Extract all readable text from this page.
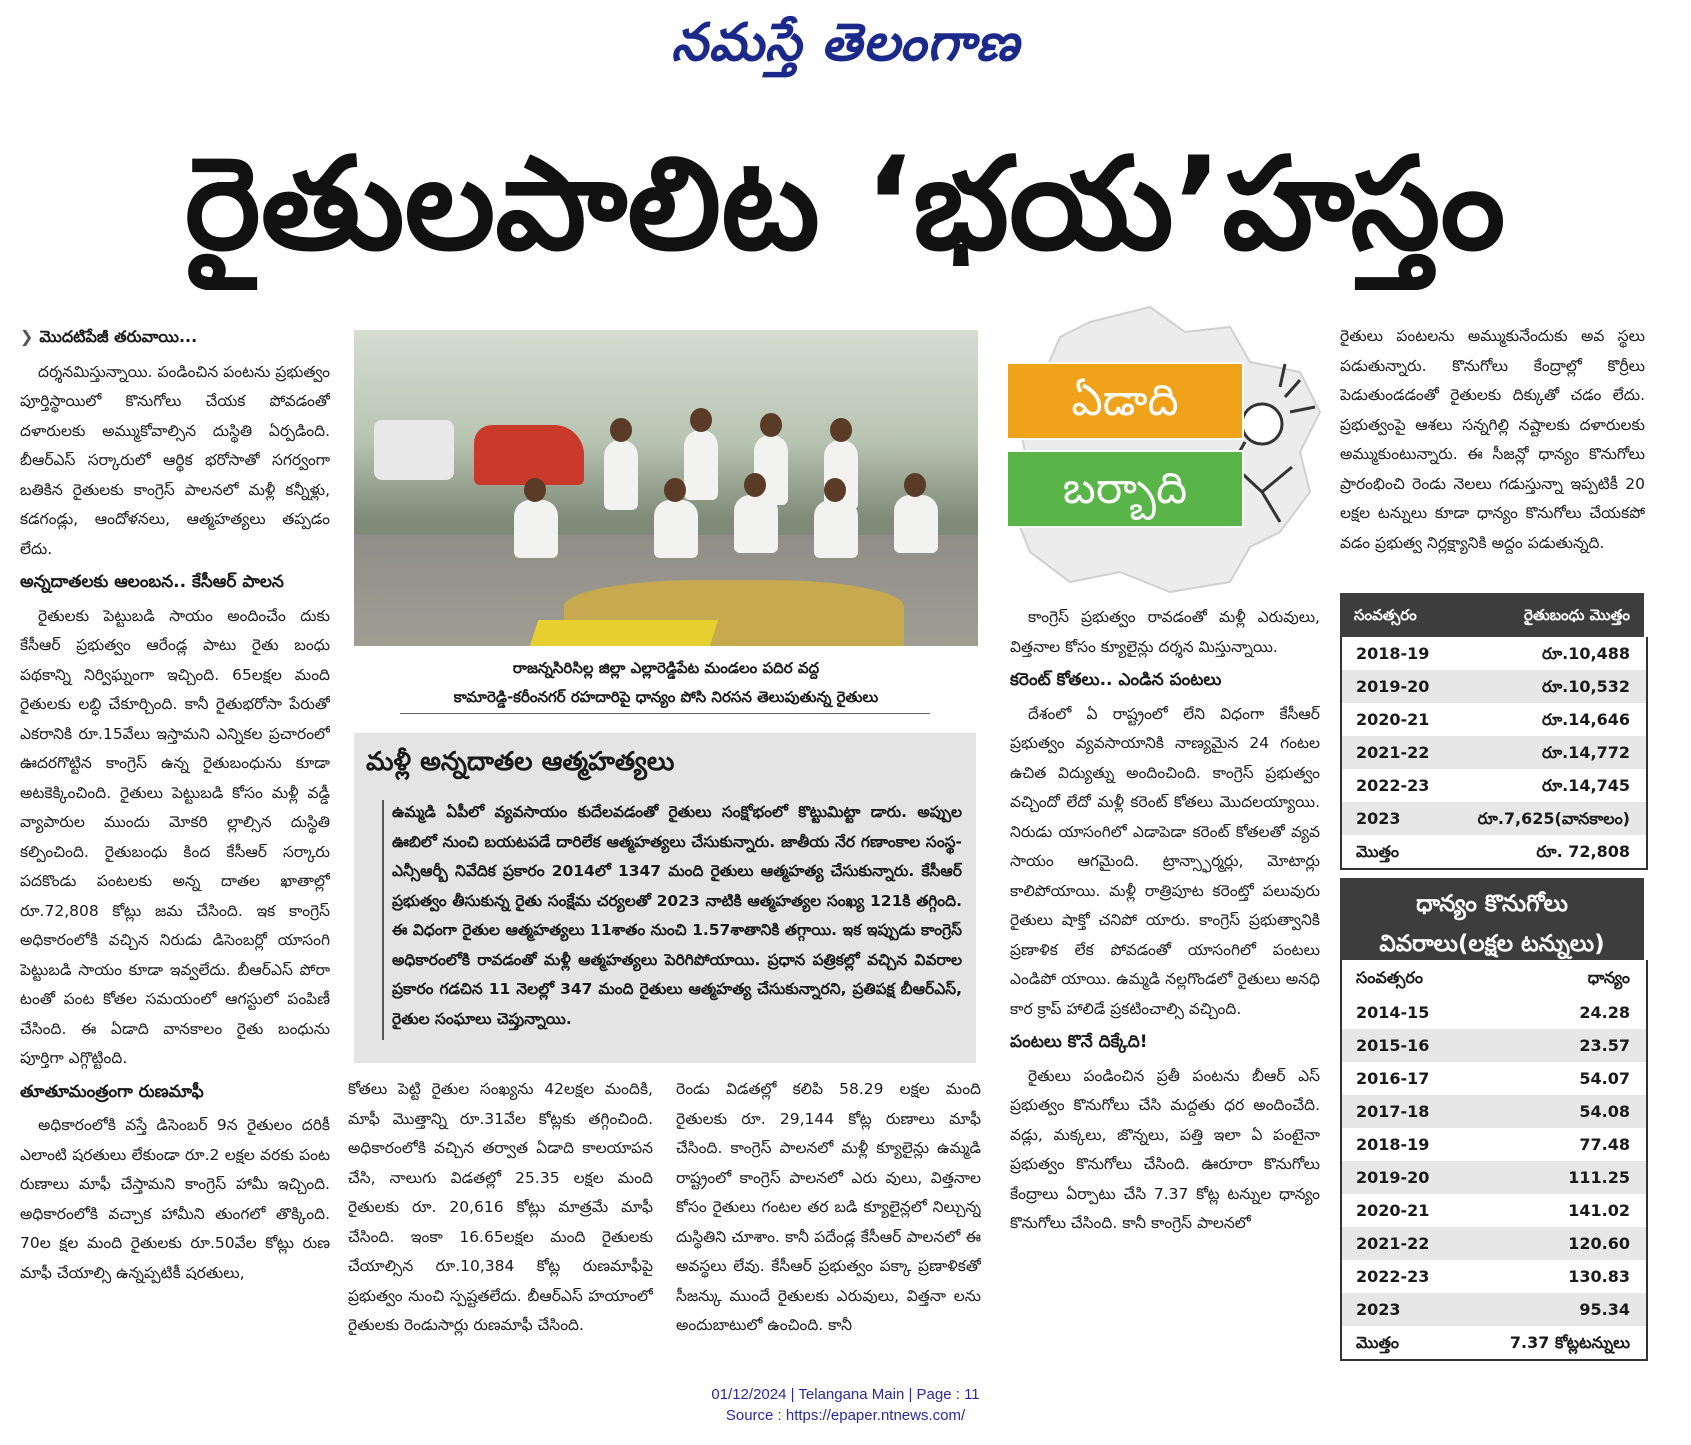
నమస్తే తెలంగాణ
రైతులపాలిట ‘భయ’హస్తం
❯ మొదటిపేజీ తరువాయి...

దర్శనమిస్తున్నాయి. పండించిన పంటను ప్రభుత్వం పూర్తిస్థాయిలో కొనుగోలు చేయక పోవడంతో దళారులకు అమ్ముకోవాల్సిన దుస్థితి ఏర్పడింది. బీఆర్ఎస్ సర్కారులో ఆర్థిక భరోసాతో సగర్వంగా బతికిన రైతులకు కాంగ్రెస్ పాలనలో మళ్లీ కన్నీళ్లు, కడగండ్లు, ఆందోళనలు, ఆత్మహత్యలు తప్పడం లేదు.

అన్నదాతలకు ఆలంబన.. కేసీఆర్ పాలన

రైతులకు పెట్టుబడి సాయం అందించేం దుకు కేసీఆర్ ప్రభుత్వం ఆరేండ్ల పాటు రైతు బంధు పథకాన్ని నిర్విఘ్నంగా ఇచ్చింది. 65లక్షల మంది రైతులకు లబ్ధి చేకూర్చింది. కానీ రైతుభరోసా పేరుతో ఎకరానికి రూ.15వేలు ఇస్తామని ఎన్నికల ప్రచారంలో ఊదరగొట్టిన కాంగ్రెస్ ఉన్న రైతుబంధును కూడా అటకెక్కించింది. రైతులు పెట్టుబడి కోసం మళ్లీ వడ్డీ వ్యాపారుల ముందు మోకరి ల్లాల్సిన దుస్థితి కల్పించింది. రైతుబంధు కింద కేసీఆర్ సర్కారు పదకొండు పంటలకు అన్న దాతల ఖాతాల్లో రూ.72,808 కోట్లు జమ చేసింది. ఇక కాంగ్రెస్ అధికారంలోకి వచ్చిన నిరుడు డిసెంబర్లో యాసంగి పెట్టుబడి సాయం కూడా ఇవ్వలేదు. బీఆర్ఎస్ పోరా టంతో పంట కోతల సమయంలో ఆగస్టులో పంపిణీ చేసింది. ఈ ఏడాది వానకాలం రైతు బంధును పూర్తిగా ఎగ్గొట్టింది.

తూతూమంత్రంగా రుణమాఫీ

అధికారంలోకి వస్తే డిసెంబర్ 9న రైతులం దరికీ ఎలాంటి షరతులు లేకుండా రూ.2 లక్షల వరకు పంట రుణాలు మాఫీ చేస్తామని కాంగ్రెస్ హామీ ఇచ్చింది. అధికారంలోకి వచ్చాక హామీని తుంగలో తొక్కింది. 70ల క్షల మంది రైతులకు రూ.50వేల కోట్లు రుణ మాఫీ చేయాల్సి ఉన్నప్పటికీ షరతులు,

రాజన్నసిరిసిల్ల జిల్లా ఎల్లారెడ్డిపేట మండలం పదిర వద్ద
కామారెడ్డి-కరీంనగర్ రహదారిపై ధాన్యం పోసి నిరసన తెలుపుతున్న రైతులు
మళ్లీ అన్నదాతల ఆత్మహత్యలు
ఉమ్మడి ఏపీలో వ్యవసాయం కుదేలవడంతో రైతులు సంక్షోభంలో కొట్టుమిట్టా డారు. అప్పుల ఊబిలో నుంచి బయటపడే దారిలేక ఆత్మహత్యలు చేసుకున్నారు. జాతీయ నేర గణాంకాల సంస్థ-ఎన్సీఆర్బీ నివేదిక ప్రకారం 2014లో 1347 మంది రైతులు ఆత్మహత్య చేసుకున్నారు. కేసీఆర్ ప్రభుత్వం తీసుకున్న రైతు సంక్షేమ చర్యలతో 2023 నాటికి ఆత్మహత్యల సంఖ్య 121కి తగ్గింది. ఈ విధంగా రైతుల ఆత్మహత్యలు 11శాతం నుంచి 1.57శాతానికి తగ్గాయి. ఇక ఇప్పుడు కాంగ్రెస్ అధికారంలోకి రావడంతో మళ్లీ ఆత్మహత్యలు పెరిగిపోయాయి. ప్రధాన పత్రికల్లో వచ్చిన వివరాల ప్రకారం గడచిన 11 నెలల్లో 347 మంది రైతులు ఆత్మహత్య చేసుకున్నారని, ప్రతిపక్ష బీఆర్ఎస్, రైతుల సంఘాలు చెప్తున్నాయి.

కోతలు పెట్టి రైతుల సంఖ్యను 42లక్షల మందికి, మాఫీ మొత్తాన్ని రూ.31వేల కోట్లకు తగ్గించింది. అధికారంలోకి వచ్చిన తర్వాత ఏడాది కాలయాపన చేసి, నాలుగు విడతల్లో 25.35 లక్షల మంది రైతులకు రూ. 20,616 కోట్లు మాత్రమే మాఫీ చేసింది. ఇంకా 16.65లక్షల మంది రైతులకు చేయాల్సిన రూ.10,384 కోట్ల రుణమాఫీపై ప్రభుత్వం నుంచి స్పష్టతలేదు. బీఆర్ఎస్ హయాంలో రైతులకు రెండుసార్లు రుణమాఫీ చేసింది.

రెండు విడతల్లో కలిపి 58.29 లక్షల మంది రైతులకు రూ. 29,144 కోట్ల రుణాలు మాఫీ చేసింది. కాంగ్రెస్ పాలనలో మళ్లీ క్యూలైన్లు ఉమ్మడి రాష్ట్రంలో కాంగ్రెస్ పాలనలో ఎరు వులు, విత్తనాల కోసం రైతులు గంటల తర బడి క్యూలైన్లలో నిల్చున్న దుస్థితిని చూశాం. కానీ పదేండ్ల కేసీఆర్ పాలనలో ఈ అవస్థలు లేవు. కేసీఆర్ ప్రభుత్వం పక్కా ప్రణాళికతో సీజన్కు ముందే రైతులకు ఎరువులు, విత్తనా లను అందుబాటులో ఉంచింది. కానీ

ఏడాది
బర్బాది

కాంగ్రెస్ ప్రభుత్వం రావడంతో మళ్లీ ఎరువులు, విత్తనాల కోసం క్యూలైన్లు దర్శన మిస్తున్నాయి.

కరెంట్ కోతలు.. ఎండిన పంటలు

దేశంలో ఏ రాష్ట్రంలో లేని విధంగా కేసీఆర్ ప్రభుత్వం వ్యవసాయానికి నాణ్యమైన 24 గంటల ఉచిత విద్యుత్ను అందించింది. కాంగ్రెస్ ప్రభుత్వం వచ్చిందో లేదో మళ్లీ కరెంట్ కోతలు మొదలయ్యాయి. నిరుడు యాసంగిలో ఎడాపెడా కరెంట్ కోతలతో వ్యవ సాయం ఆగమైంది. ట్రాన్స్ఫార్మర్లు, మోటార్లు కాలిపోయాయి. మళ్లీ రాత్రిపూట కరెంట్తో పలువురు రైతులు షాక్తో చనిపో యారు. కాంగ్రెస్ ప్రభుత్వానికి ప్రణాళిక లేక పోవడంతో యాసంగిలో పంటలు ఎండిపో యాయి. ఉమ్మడి నల్లగొండలో రైతులు అనధి కార క్రాప్ హాలిడే ప్రకటించాల్సి వచ్చింది.

పంటలు కొనే దిక్కేది!

రైతులు పండించిన ప్రతీ పంటను బీఆర్ ఎస్ ప్రభుత్వం కొనుగోలు చేసి మద్దతు ధర అందించేది. వడ్లు, మక్కలు, జొన్నలు, పత్తి ఇలా ఏ పంటైనా ప్రభుత్వం కొనుగోలు చేసింది. ఊరూరా కొనుగోలు కేంద్రాలు ఏర్పాటు చేసి 7.37 కోట్ల టన్నుల ధాన్యం కొనుగోలు చేసింది. కానీ కాంగ్రెస్ పాలనలో

రైతులు పంటలను అమ్ముకునేందుకు అవ స్థలు పడుతున్నారు. కొనుగోలు కేంద్రాల్లో కొర్రీలు పెడుతుండడంతో రైతులకు దిక్కుతో చడం లేదు. ప్రభుత్వంపై ఆశలు సన్నగిల్లి నష్టాలకు దళారులకు అమ్ముకుంటున్నారు. ఈ సీజన్లో ధాన్యం కొనుగోలు ప్రారంభించి రెండు నెలలు గడుస్తున్నా ఇప్పటికీ 20 లక్షల టన్నులు కూడా ధాన్యం కొనుగోలు చేయకపో వడం ప్రభుత్వ నిర్లక్ష్యానికి అద్దం పడుతున్నది.

సంవత్సరం	రైతుబంధు మొత్తం
2018-19	రూ.10,488
2019-20	రూ.10,532
2020-21	రూ.14,646
2021-22	రూ.14,772
2022-23	రూ.14,745
2023	రూ.7,625(వానకాలం)
మొత్తం	రూ. 72,808
ధాన్యం కొనుగోలు
వివరాలు(లక్షల టన్నులు)
సంవత్సరం	ధాన్యం
2014-15	24.28
2015-16	23.57
2016-17	54.07
2017-18	54.08
2018-19	77.48
2019-20	111.25
2020-21	141.02
2021-22	120.60
2022-23	130.83
2023	95.34
మొత్తం	7.37 కోట్లటన్నులు
01/12/2024 | Telangana Main | Page : 11
Source : https://epaper.ntnews.com/
